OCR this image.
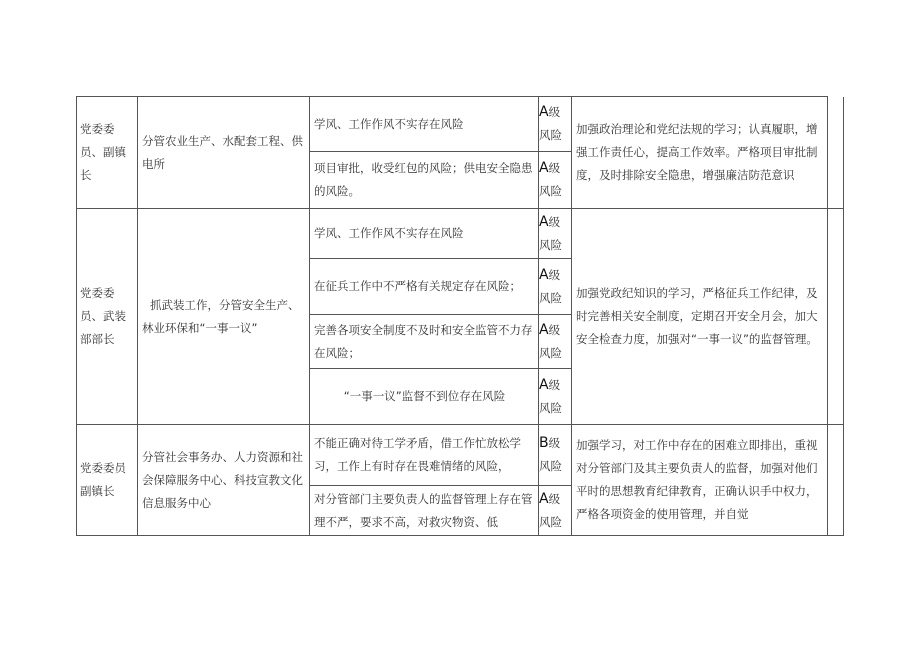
党委委员、副镇长	分管农业生产、水配套工程、供电所	学风、工作作风不实存在风险	A级风险	加强政治理论和党纪法规的学习；认真履职，增强工作责任心，提高工作效率。严格项目审批制度，及时排除安全隐患，增强廉洁防范意识	
		项目审批，收受红包的风险；供电安全隐患的风险。	A级风险		
党委委员、武装部部长	抓武装工作，分管安全生产、林业环保和“一事一议”	学风、工作作风不实存在风险	A级风险	加强党政纪知识的学习，严格征兵工作纪律，及时完善相关安全制度，定期召开安全月会，加大安全检查力度，加强对“一事一议”的监督管理。	
		在征兵工作中不严格有关规定存在风险；	A级风险		
		完善各项安全制度不及时和安全监管不力存在风险；	A级风险		
		“一事一议”监督不到位存在风险	A级风险		
党委委员副镇长	分管社会事务办、人力资源和社会保障服务中心、科技宣教文化信息服务中心	不能正确对待工学矛盾，借工作忙放松学习，工作上有时存在畏难情绪的风险，	B级风险	加强学习，对工作中存在的困难立即排出，重视对分管部门及其主要负责人的监督，加强对他们平时的思想教育纪律教育，正确认识手中权力，严格各项资金的使用管理，并自觉	
		对分管部门主要负责人的监督管理上存在管理不严，要求不高，对救灾物资、低	A级风险		
